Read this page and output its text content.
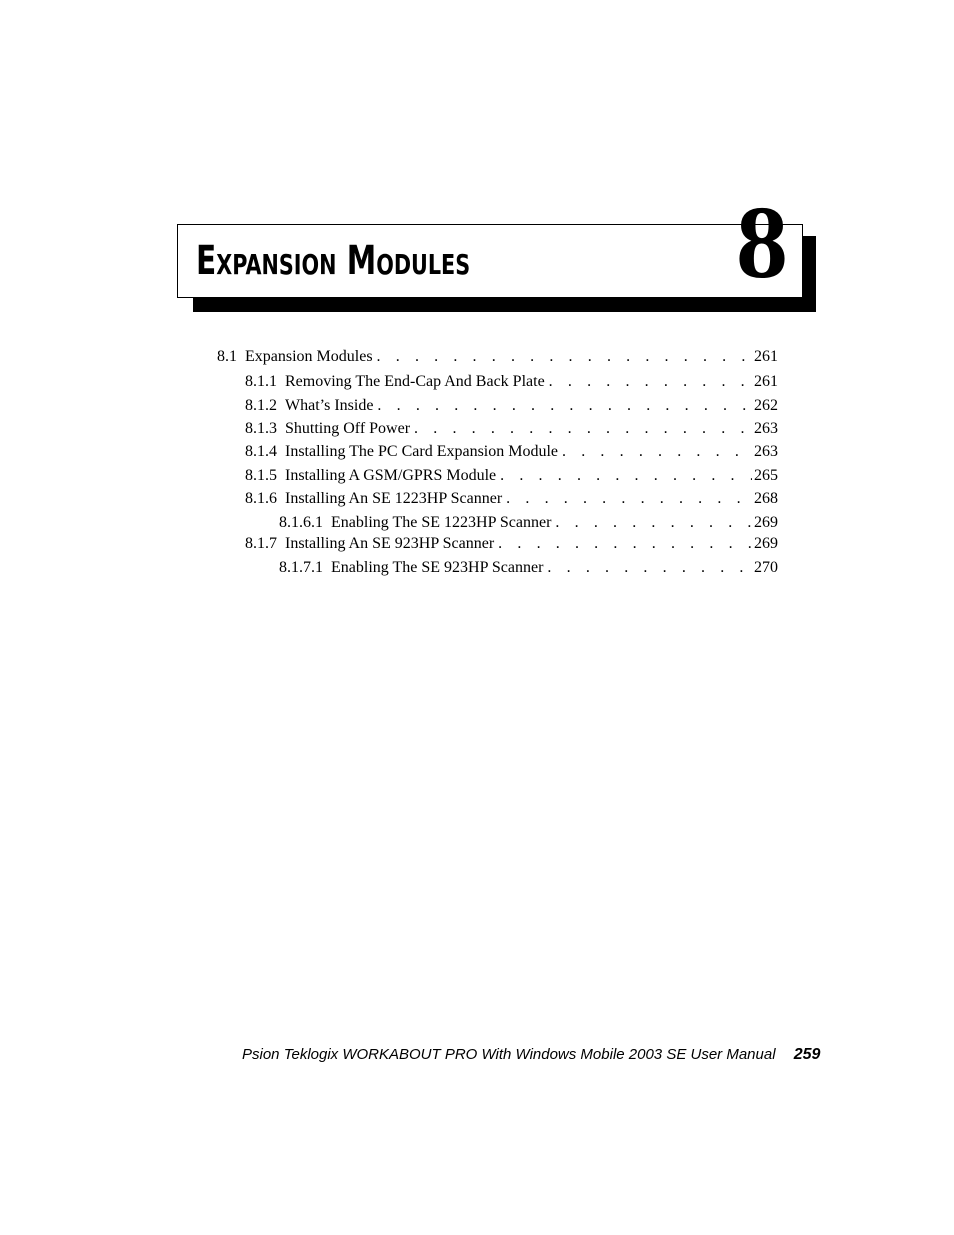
Expansion Modules	8
8.1 Expansion Modules . . .	261
8.1.1 Removing The End-Cap And Back Plate . . .	261
8.1.2 What’s Inside . . .	262
8.1.3 Shutting Off Power . . .	263
8.1.4 Installing The PC Card Expansion Module . . .	263
8.1.5 Installing A GSM/GPRS Module . . .	265
8.1.6 Installing An SE 1223HP Scanner . . .	268
8.1.6.1 Enabling The SE 1223HP Scanner . . .	269
8.1.7 Installing An SE 923HP Scanner . . .	269
8.1.7.1 Enabling The SE 923HP Scanner . . .	270
Psion Teklogix WORKABOUT PRO With Windows Mobile 2003 SE User Manual 259
